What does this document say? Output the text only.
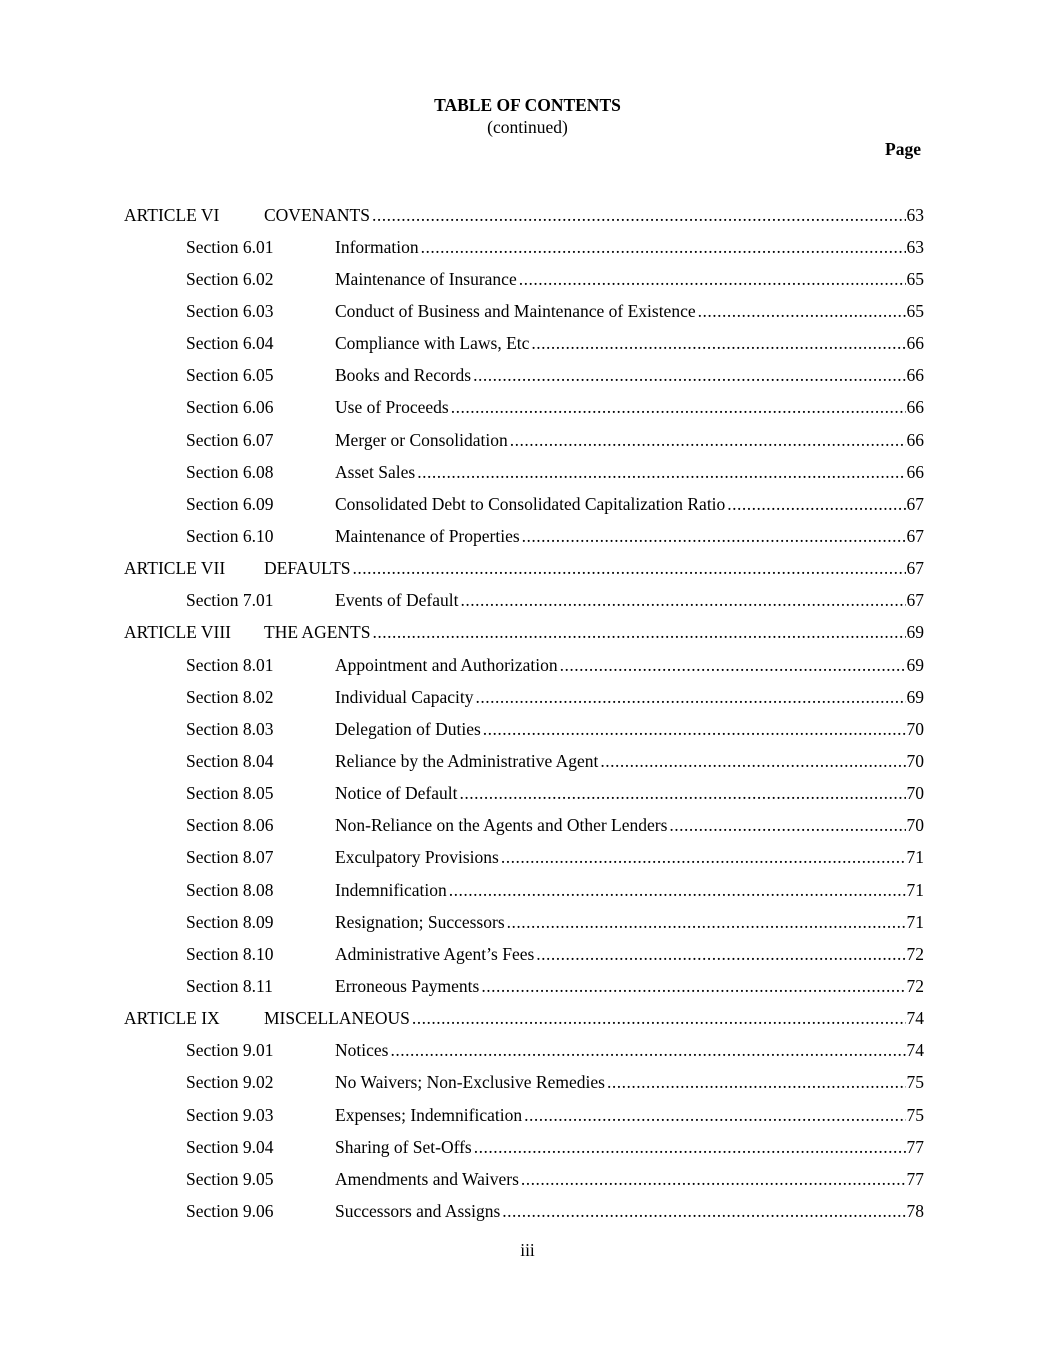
TABLE OF CONTENTS
(continued)
Page
ARTICLE VI	COVENANTS .....	63
Section 6.01	Information .....	63
Section 6.02	Maintenance of Insurance .....	65
Section 6.03	Conduct of Business and Maintenance of Existence .....	65
Section 6.04	Compliance with Laws, Etc .....	66
Section 6.05	Books and Records .....	66
Section 6.06	Use of Proceeds .....	66
Section 6.07	Merger or Consolidation .....	66
Section 6.08	Asset Sales .....	66
Section 6.09	Consolidated Debt to Consolidated Capitalization Ratio .....	67
Section 6.10	Maintenance of Properties .....	67
ARTICLE VII	DEFAULTS .....	67
Section 7.01	Events of Default .....	67
ARTICLE VIII	THE AGENTS .....	69
Section 8.01	Appointment and Authorization .....	69
Section 8.02	Individual Capacity .....	69
Section 8.03	Delegation of Duties .....	70
Section 8.04	Reliance by the Administrative Agent .....	70
Section 8.05	Notice of Default .....	70
Section 8.06	Non-Reliance on the Agents and Other Lenders .....	70
Section 8.07	Exculpatory Provisions .....	71
Section 8.08	Indemnification .....	71
Section 8.09	Resignation; Successors .....	71
Section 8.10	Administrative Agent’s Fees .....	72
Section 8.11	Erroneous Payments .....	72
ARTICLE IX	MISCELLANEOUS .....	74
Section 9.01	Notices .....	74
Section 9.02	No Waivers; Non-Exclusive Remedies .....	75
Section 9.03	Expenses; Indemnification .....	75
Section 9.04	Sharing of Set-Offs .....	77
Section 9.05	Amendments and Waivers .....	77
Section 9.06	Successors and Assigns .....	78
iii
